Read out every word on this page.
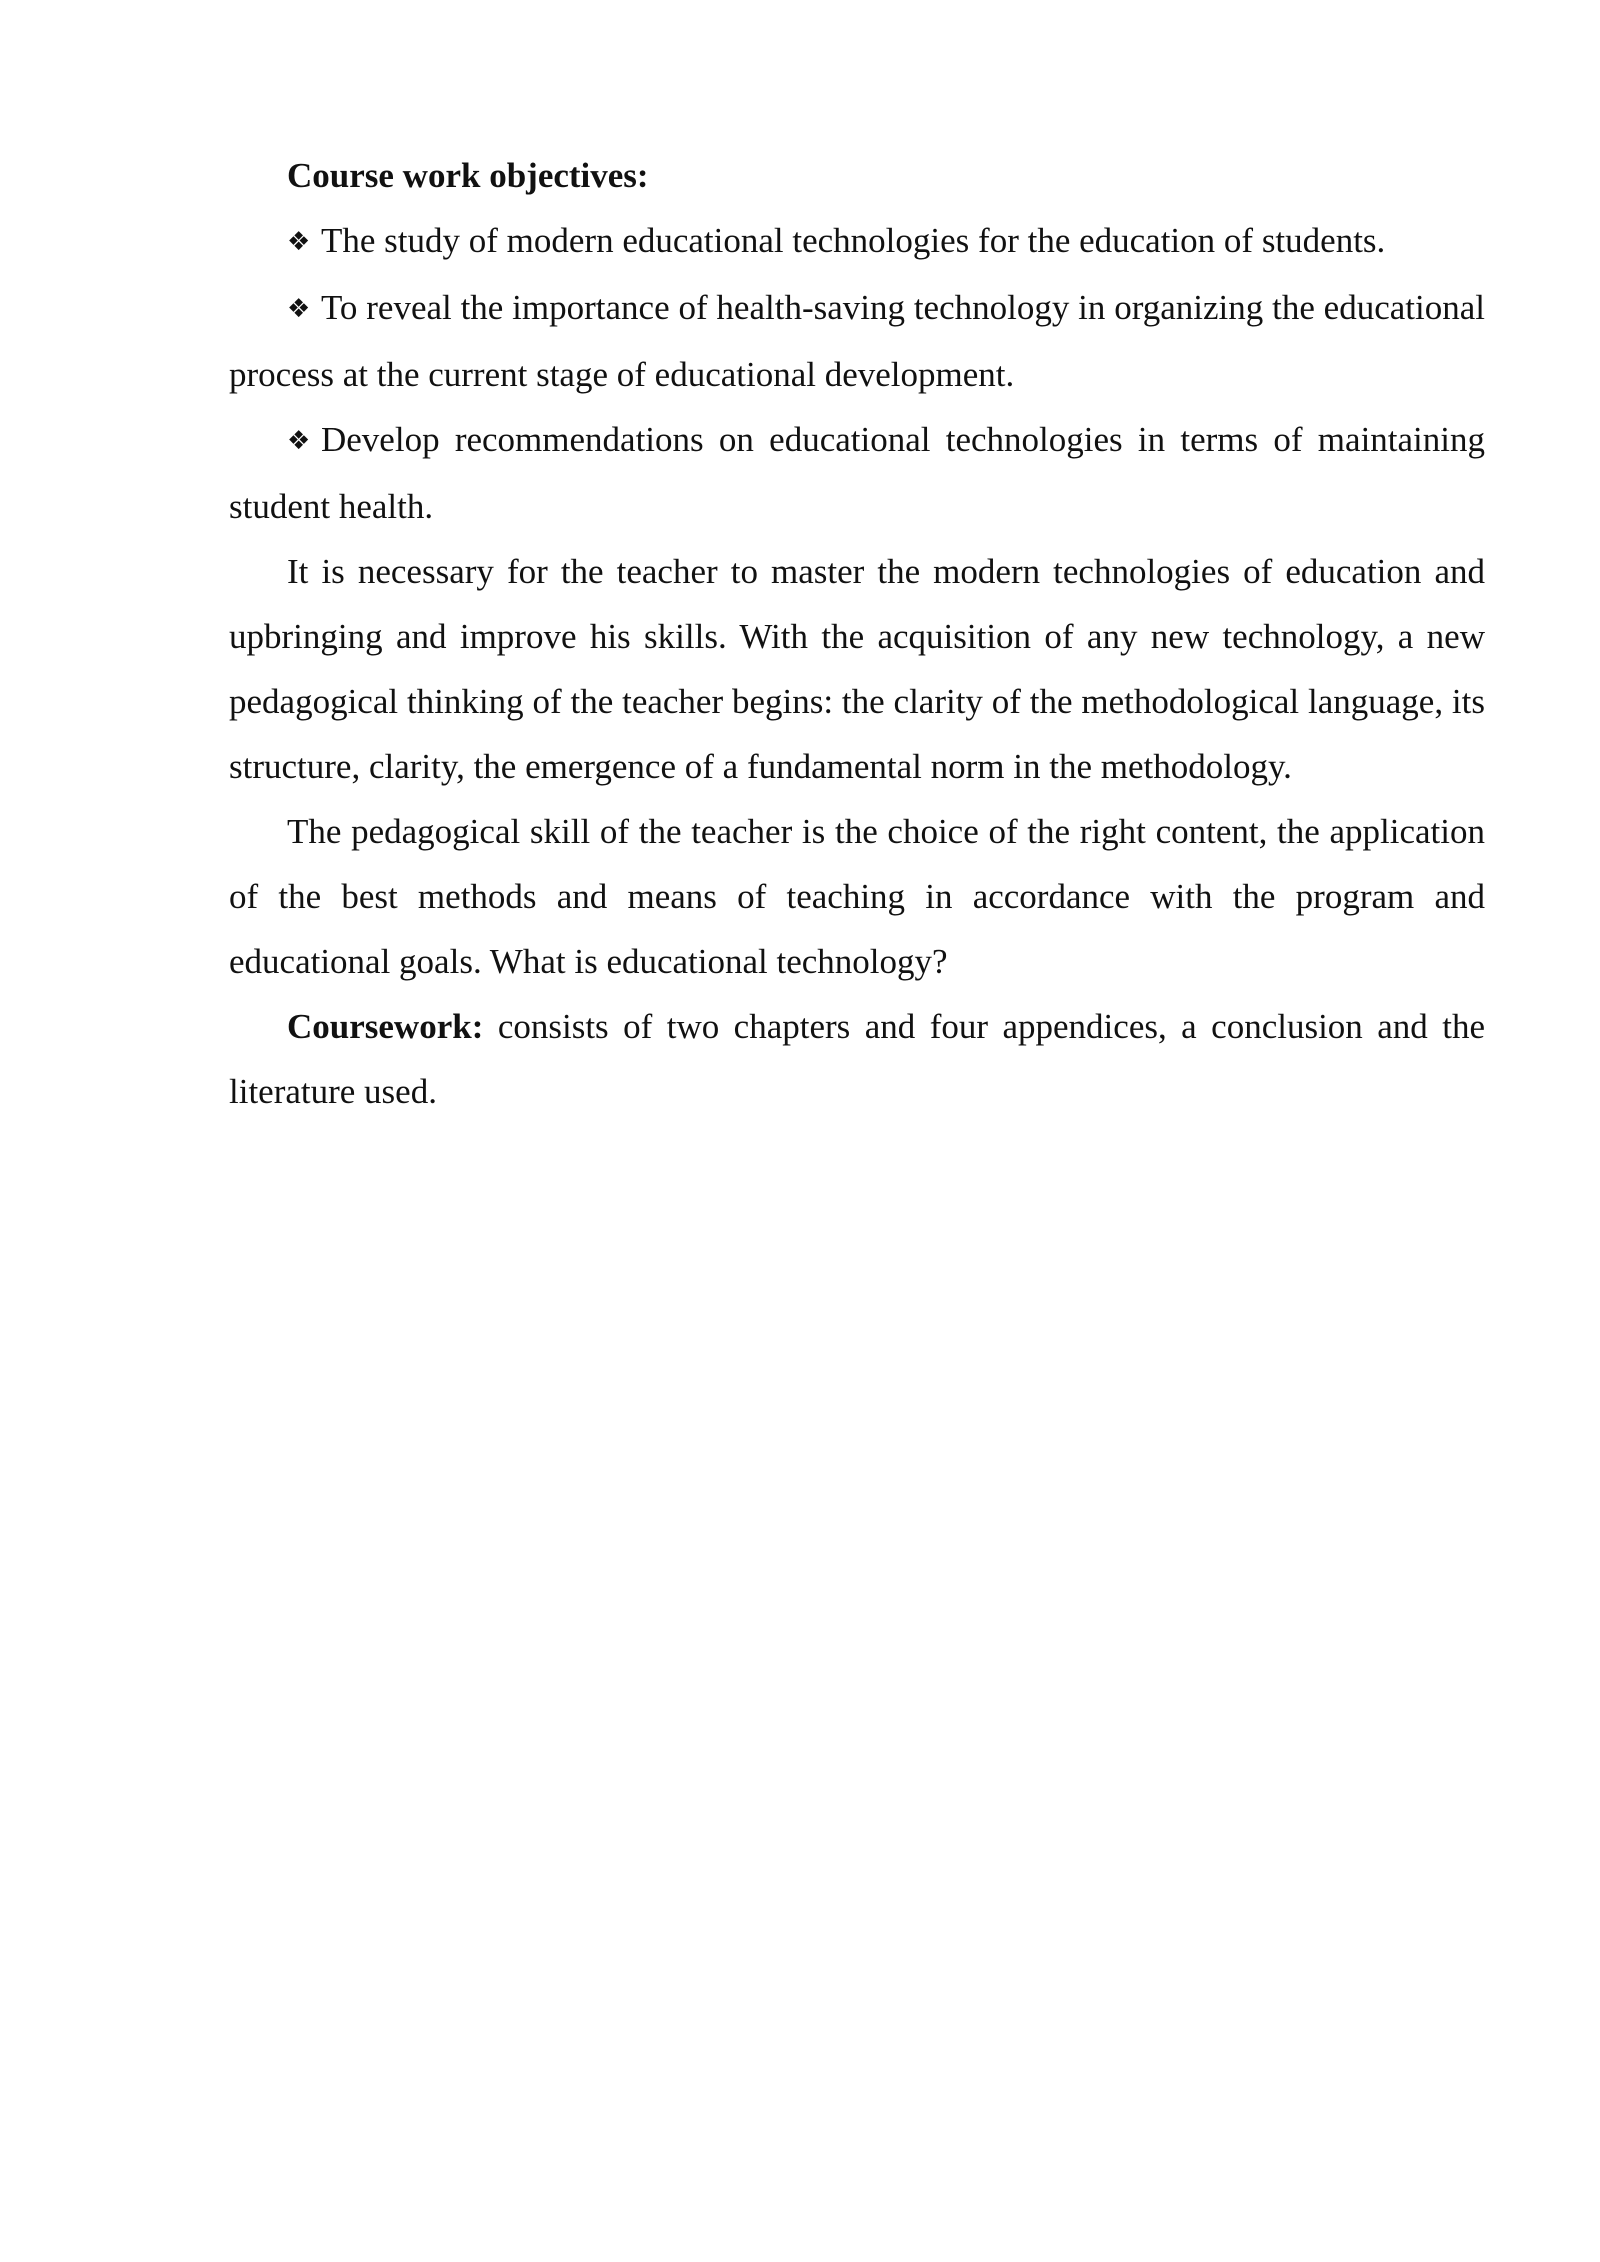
Course work objectives:

❖ The study of modern educational technologies for the education of students.

❖ To reveal the importance of health-saving technology in organizing the educational process at the current stage of educational development.

❖ Develop recommendations on educational technologies in terms of maintaining student health.

It is necessary for the teacher to master the modern technologies of education and upbringing and improve his skills. With the acquisition of any new technology, a new pedagogical thinking of the teacher begins: the clarity of the methodological language, its structure, clarity, the emergence of a fundamental norm in the methodology.

The pedagogical skill of the teacher is the choice of the right content, the application of the best methods and means of teaching in accordance with the program and educational goals. What is educational technology?

Coursework: consists of two chapters and four appendices, a conclusion and the literature used.
